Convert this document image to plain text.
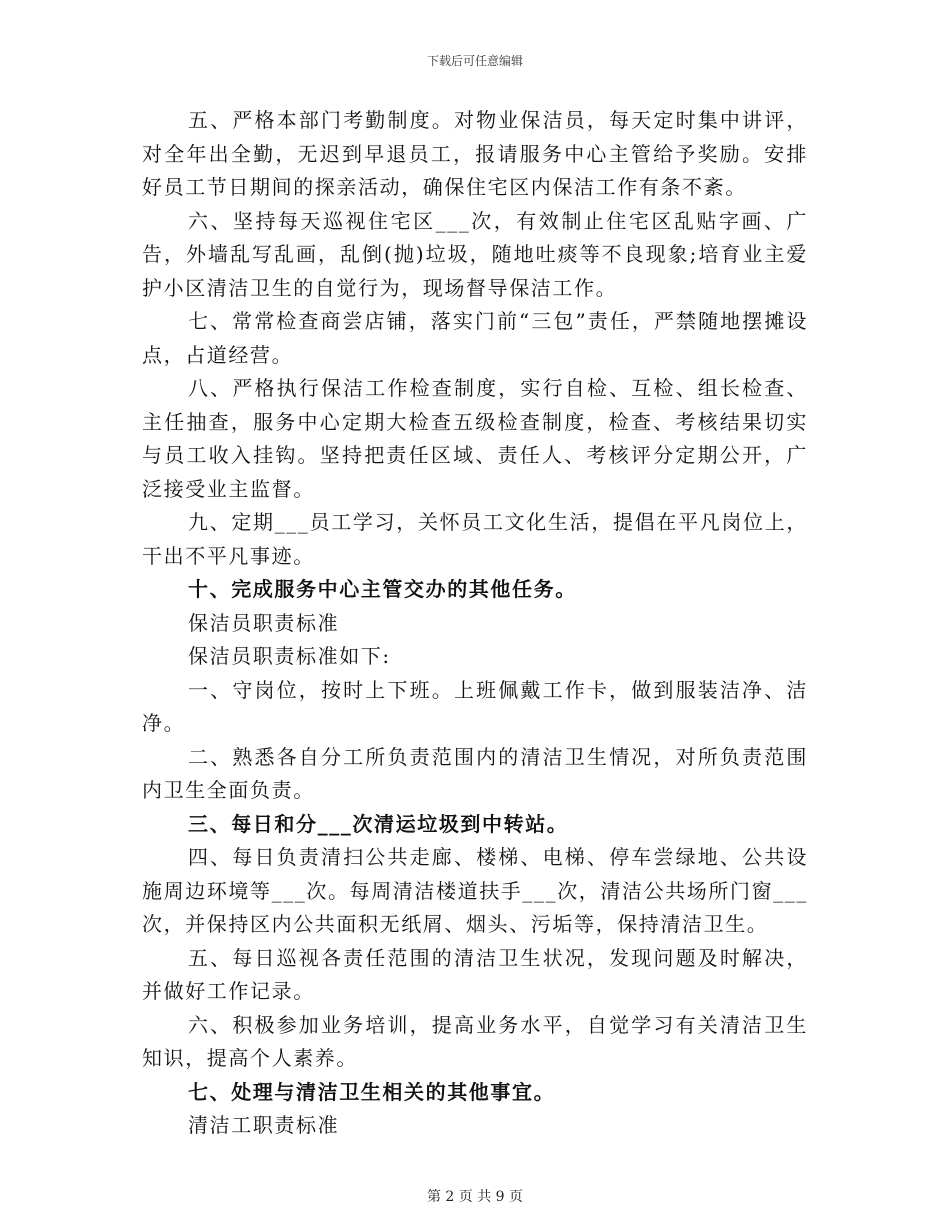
下载后可任意编辑

五、严格本部门考勤制度。对物业保洁员，每天定时集中讲评，对全年出全勤，无迟到早退员工，报请服务中心主管给予奖励。安排好员工节日期间的探亲活动，确保住宅区内保洁工作有条不紊。

六、坚持每天巡视住宅区___次，有效制止住宅区乱贴字画、广告，外墙乱写乱画，乱倒(抛)垃圾，随地吐痰等不良现象;培育业主爱护小区清洁卫生的自觉行为，现场督导保洁工作。

七、常常检查商尝店铺，落实门前“三包”责任，严禁随地摆摊设点，占道经营。

八、严格执行保洁工作检查制度，实行自检、互检、组长检查、主任抽查，服务中心定期大检查五级检查制度，检查、考核结果切实与员工收入挂钩。坚持把责任区域、责任人、考核评分定期公开，广泛接受业主监督。

九、定期___员工学习，关怀员工文化生活，提倡在平凡岗位上，干出不平凡事迹。

十、完成服务中心主管交办的其他任务。

保洁员职责标准

保洁员职责标准如下:

一、守岗位，按时上下班。上班佩戴工作卡，做到服装洁净、洁净。

二、熟悉各自分工所负责范围内的清洁卫生情况，对所负责范围内卫生全面负责。

三、每日和分___次清运垃圾到中转站。

四、每日负责清扫公共走廊、楼梯、电梯、停车尝绿地、公共设施周边环境等___次。每周清洁楼道扶手___次，清洁公共场所门窗___次，并保持区内公共面积无纸屑、烟头、污垢等，保持清洁卫生。

五、每日巡视各责任范围的清洁卫生状况，发现问题及时解决，并做好工作记录。

六、积极参加业务培训，提高业务水平，自觉学习有关清洁卫生知识，提高个人素养。

七、处理与清洁卫生相关的其他事宜。

清洁工职责标准

第 2 页 共 9 页
